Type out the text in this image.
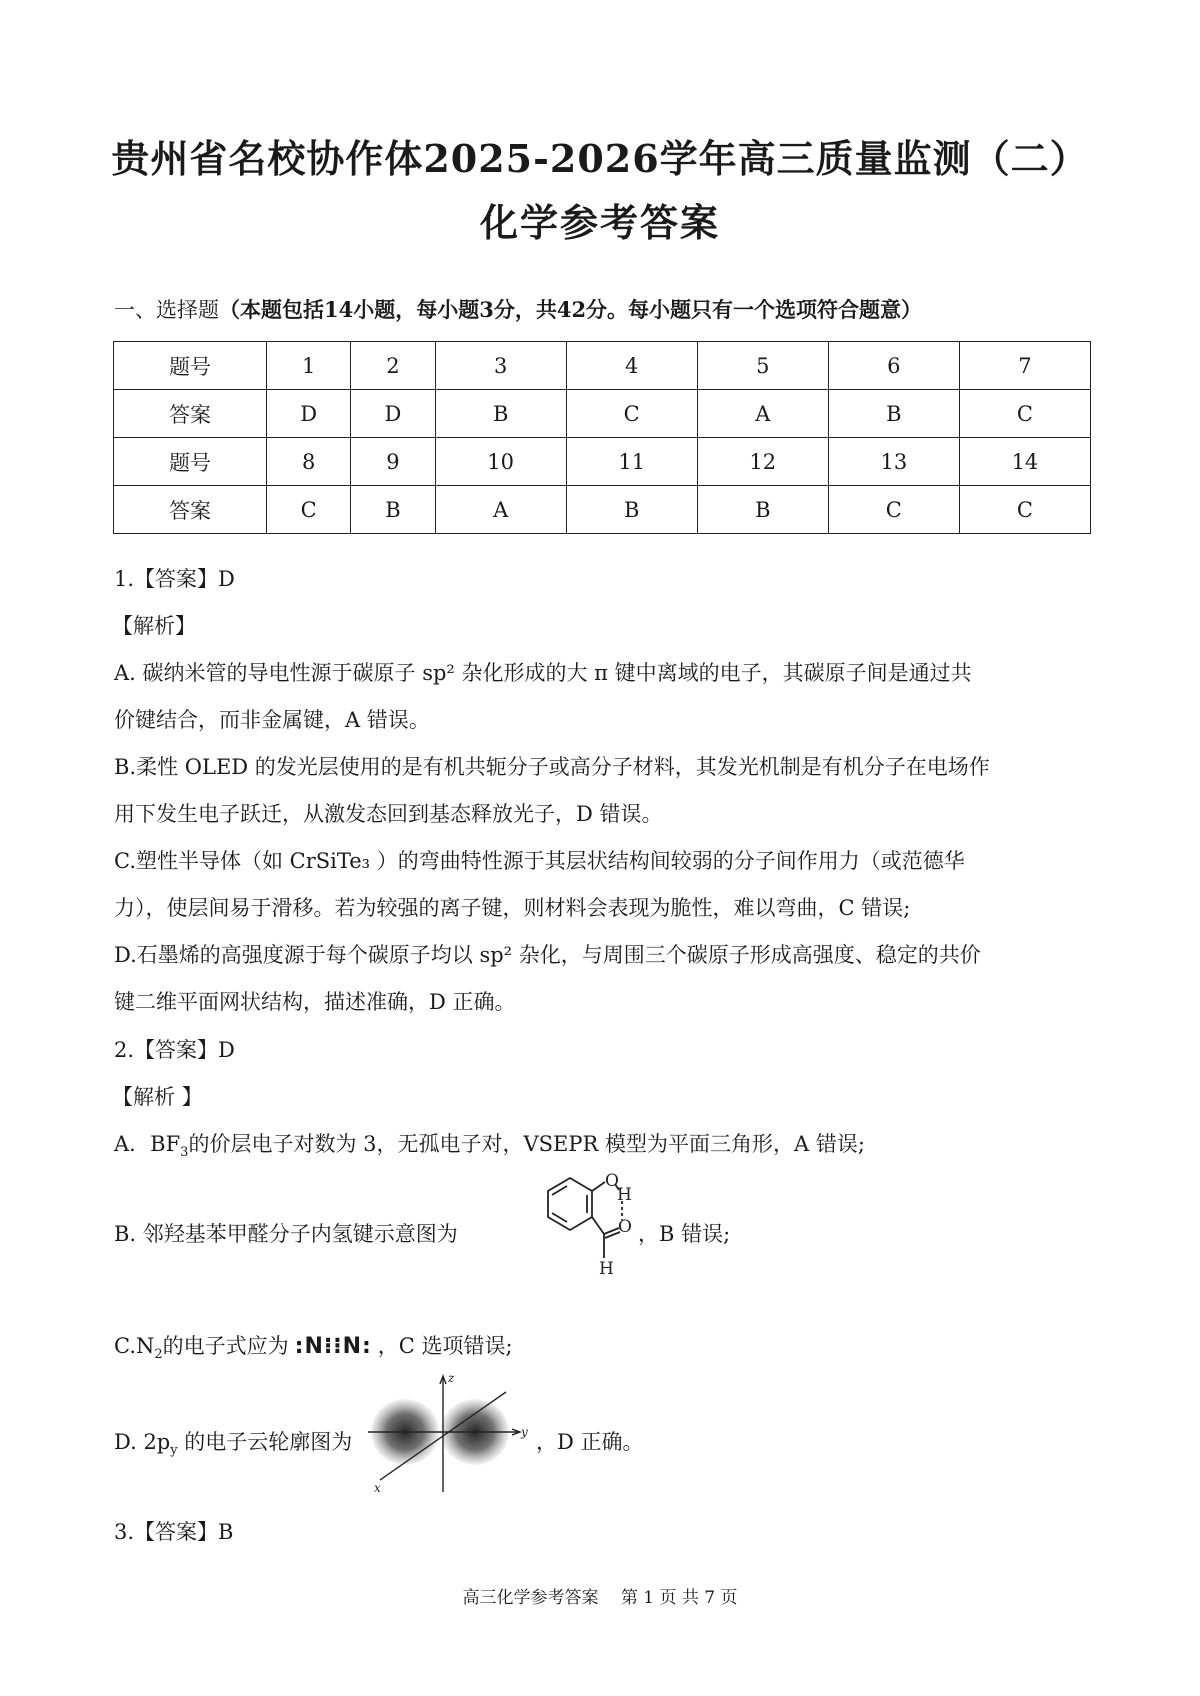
贵州省名校协作体2025-2026学年高三质量监测（二）
化学参考答案
一、选择题（本题包括14小题，每小题3分，共42分。每小题只有一个选项符合题意）
题号	1	2	3	4	5	6	7
答案	D	D	B	C	A	B	C
题号	8	9	10	11	12	13	14
答案	C	B	A	B	B	C	C
1.【答案】D
【解析】
A. 碳纳米管的导电性源于碳原子 sp² 杂化形成的大 π 键中离域的电子，其碳原子间是通过共
价键结合，而非金属键，A 错误。
B.柔性 OLED 的发光层使用的是有机共轭分子或高分子材料，其发光机制是有机分子在电场作
用下发生电子跃迁，从激发态回到基态释放光子，D 错误。
C.塑性半导体（如 CrSiTe₃ ）的弯曲特性源于其层状结构间较弱的分子间作用力（或范德华
力），使层间易于滑移。若为较强的离子键，则材料会表现为脆性，难以弯曲，C 错误;
D.石墨烯的高强度源于每个碳原子均以 sp² 杂化，与周围三个碳原子形成高强度、稳定的共价
键二维平面网状结构，描述准确，D 正确。
2.【答案】D
【解析 】
A．$BF_3$的价层电子对数为 3，无孤电子对，VSEPR 模型为平面三角形，A 错误;
B. 邻羟基苯甲醛分子内氢键示意图为
O
H
O
H
，B 错误;
$C.N_2$的电子式应为 :N⁝⁝N: ，C 选项错误;
D. $2p_y$ 的电子云轮廓图为
z
y
x
，D 正确。
3.【答案】B
高三化学参考答案　 第 1 页 共 7 页
